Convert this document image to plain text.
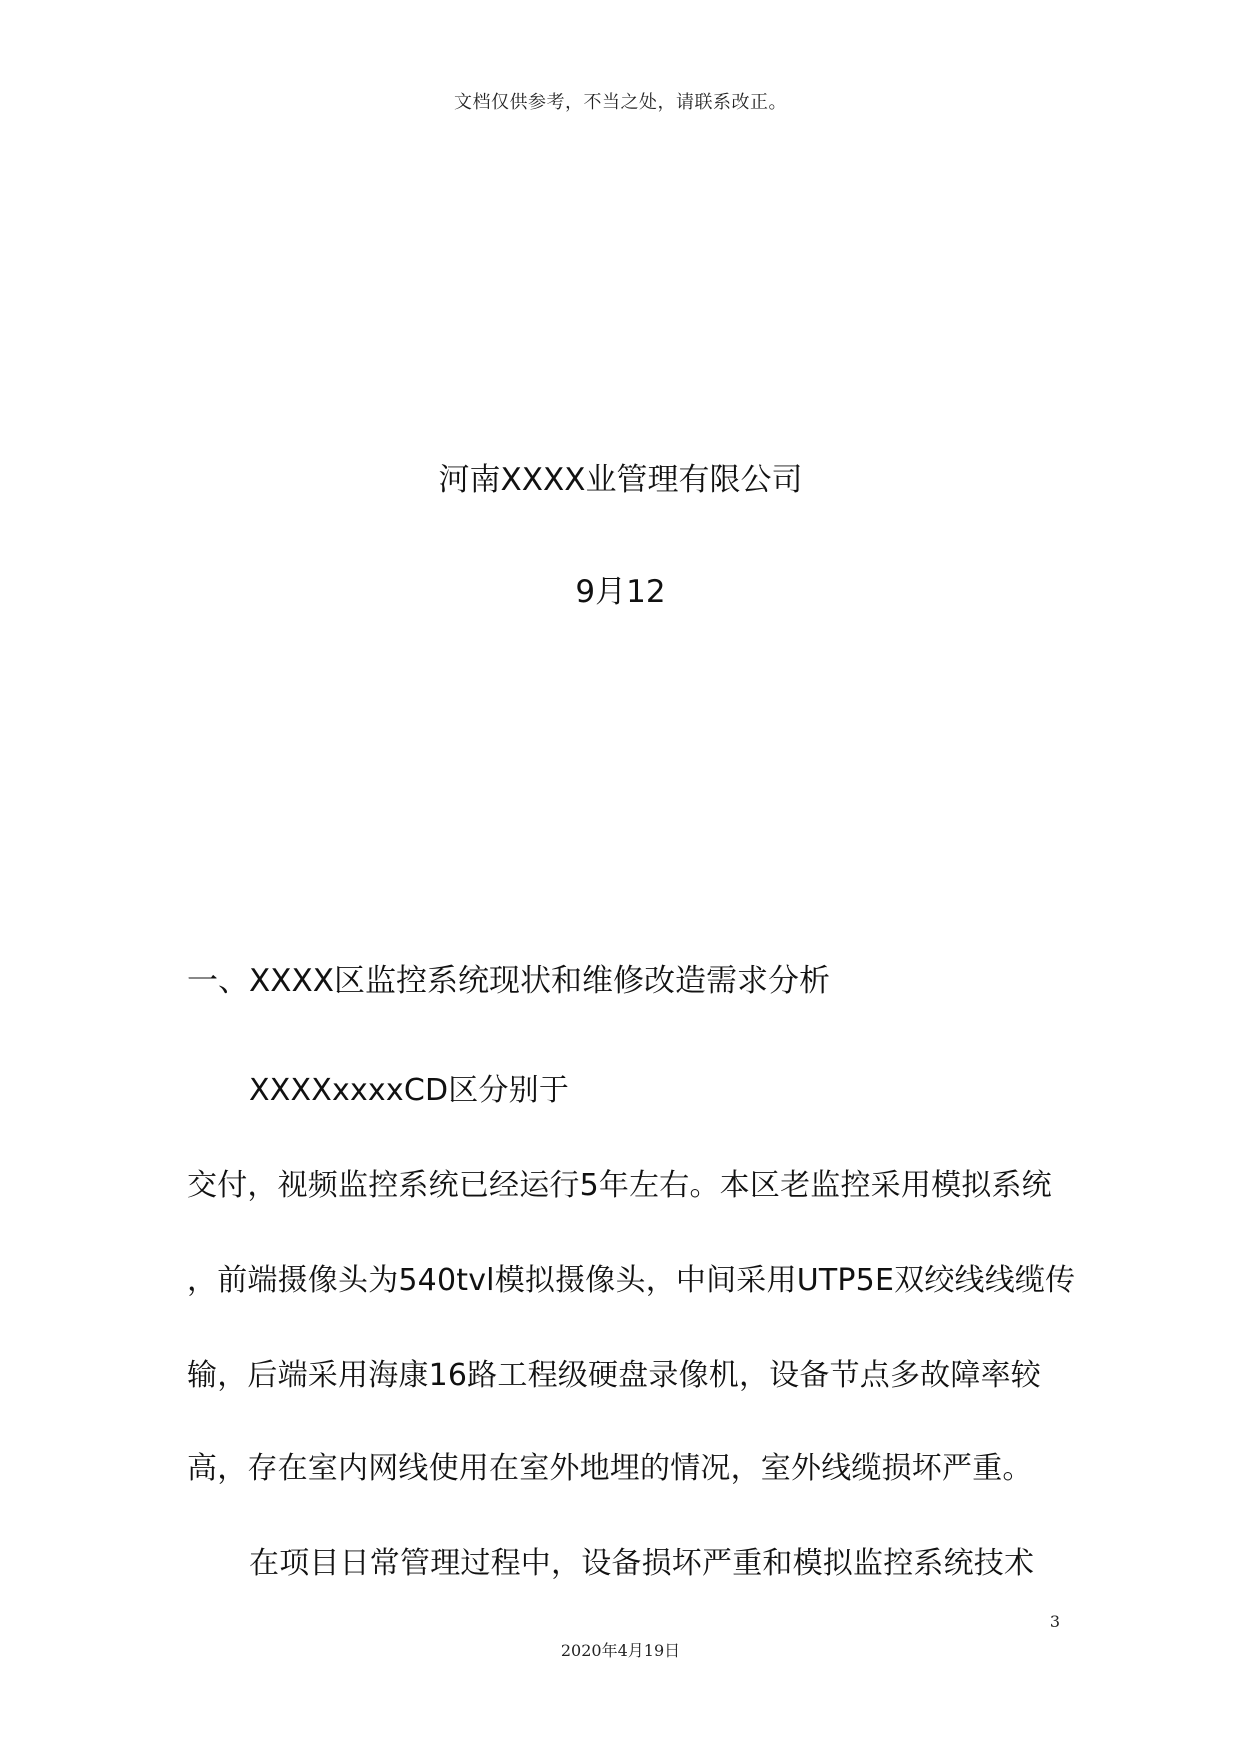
文档仅供参考，不当之处，请联系改正。
河南XXXX业管理有限公司
9月12
一、XXXX区监控系统现状和维修改造需求分析
XXXXxxxxCD区分别于
交付，视频监控系统已经运行5年左右。本区老监控采用模拟系统
，前端摄像头为540tvl模拟摄像头，中间采用UTP5E双绞线线缆传
输，后端采用海康16路工程级硬盘录像机，设备节点多故障率较
高，存在室内网线使用在室外地埋的情况，室外线缆损坏严重。
在项目日常管理过程中，设备损坏严重和模拟监控系统技术
3
2020年4月19日
